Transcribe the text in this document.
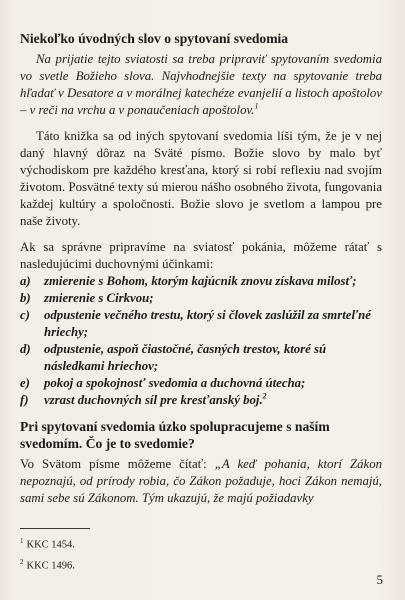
Niekoľko úvodných slov o spytovaní svedomia

Na prijatie tejto sviatosti sa treba pripraviť spytovaním svedomia vo svetle Božieho slova. Najvhodnejšie texty na spytovanie treba hľadať v Desatore a v morálnej katechéze evanjelií a listoch apoštolov – v reči na vrchu a v ponaučeniach apoštolov.$^1$

Táto knižka sa od iných spytovaní svedomia líši tým, že je v nej daný hlavný dôraz na Sväté písmo. Božie slovo by malo byť východiskom pre každého kresťana, ktorý si robí reflexiu nad svojím životom. Posvätné texty sú mierou nášho osobného života, fungovania každej kultúry a spoločnosti. Božie slovo je svetlom a lampou pre naše životy.

Ak sa správne pripravíme na sviatosť pokánia, môžeme rátať s nasledujúcimi duchovnými účinkami:

a)	zmierenie s Bohom, ktorým kajúcnik znovu získava milosť;
b)	zmierenie s Cirkvou;
c)	odpustenie večného trestu, ktorý si človek zaslúžil za smrteľné hriechy;
d)	odpustenie, aspoň čiastočné, časných trestov, ktoré sú následkami hriechov;
e)	pokoj a spokojnosť svedomia a duchovná útecha;
f)	vzrast duchovných síl pre kresťanský boj.$^2$
Pri spytovaní svedomia úzko spolupracujeme s naším svedomím. Čo je to svedomie?

Vo Svätom písme môžeme čítať: „A keď pohania, ktorí Zákon nepoznajú, od prírody robia, čo Zákon požaduje, hoci Zákon nemajú, sami sebe sú Zákonom. Tým ukazujú, že majú požiadavky

$^1$ KKC 1454.
$^2$ KKC 1496.
5
